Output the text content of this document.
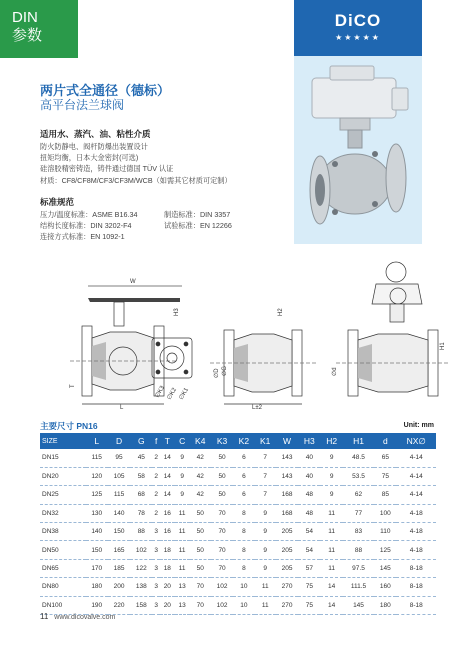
DIN
参数
DiCO
★★★★★
两片式全通径（德标）
高平台法兰球阀
适用水、蒸汽、油、粘性介质
防火防静电、阀杆防爆出装置设计
扭矩均衡，日本大金密封(可选)
硅溶胶精密铸造，铸件通过德国 TÜV 认证
材质：CF8/CF8M/CF3/CF3M/WCB（如需其它材质可定制）
标准规范
压力/温度标准：ASME B16.34	制造标准：DIN 3357
结构长度标准：DIN 3202-F4	试验标准：EN 12266
连接方式标准：EN 1092-1
W
H3
L
T	∅K3 ∅K2 ∅K1
∅D ∅G
L±2
H2
∅d
H1
主要尺寸 PN16	Unit: mm
SIZE	L	D	G	f	T	C	K4	K3	K2	K1	W	H3	H2	H1	d	NX∅
DN15	115	95	45	2	14	9	42	50	6	7	143	40	9	48.5	65	4-14
DN20	120	105	58	2	14	9	42	50	6	7	143	40	9	53.5	75	4-14
DN25	125	115	68	2	14	9	42	50	6	7	168	48	9	62	85	4-14
DN32	130	140	78	2	16	11	50	70	8	9	168	48	11	77	100	4-18
DN38	140	150	88	3	16	11	50	70	8	9	205	54	11	83	110	4-18
DN50	150	165	102	3	18	11	50	70	8	9	205	54	11	88	125	4-18
DN65	170	185	122	3	18	11	50	70	8	9	205	57	11	97.5	145	8-18
DN80	180	200	138	3	20	13	70	102	10	11	270	75	14	111.5	160	8-18
DN100	190	220	158	3	20	13	70	102	10	11	270	75	14	145	180	8-18
11 www.dicovalve.com
